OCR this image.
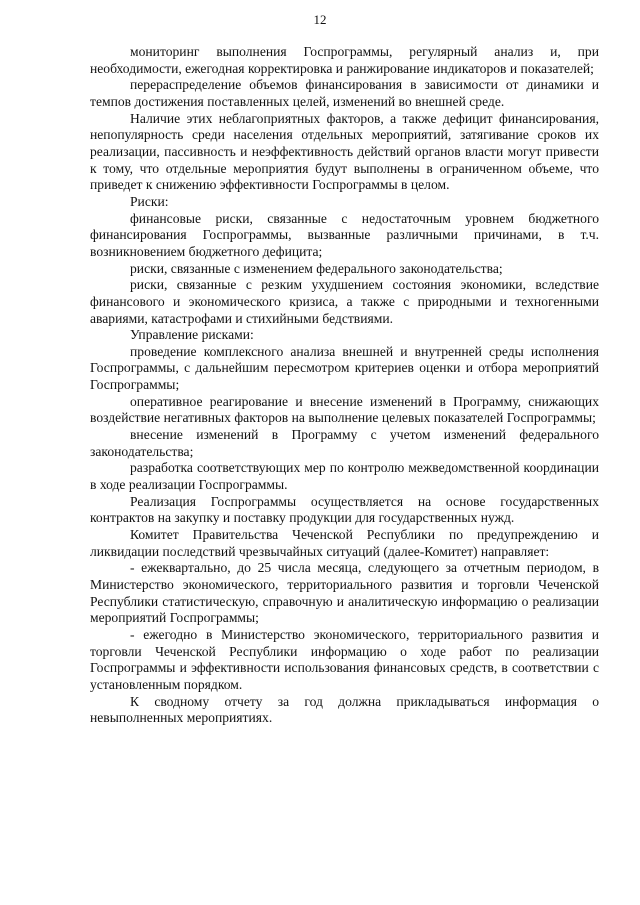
12

мониторинг выполнения Госпрограммы, регулярный анализ и, при необходимости, ежегодная корректировка и ранжирование индикаторов и показателей;

перераспределение объемов финансирования в зависимости от динамики и темпов достижения поставленных целей, изменений во внешней среде.

Наличие этих неблагоприятных факторов, а также дефицит финансирования, непопулярность среди населения отдельных мероприятий, затягивание сроков их реализации, пассивность и неэффективность действий органов власти могут привести к тому, что отдельные мероприятия будут выполнены в ограниченном объеме, что приведет к снижению эффективности Госпрограммы в целом.

Риски:

финансовые риски, связанные с недостаточным уровнем бюджетного финансирования Госпрограммы, вызванные различными причинами, в т.ч. возникновением бюджетного дефицита;

риски, связанные с изменением федерального законодательства;

риски, связанные с резким ухудшением состояния экономики, вследствие финансового и экономического кризиса, а также с природными и техногенными авариями, катастрофами и стихийными бедствиями.

Управление рисками:

проведение комплексного анализа внешней и внутренней среды исполнения Госпрограммы, с дальнейшим пересмотром критериев оценки и отбора мероприятий Госпрограммы;

оперативное реагирование и внесение изменений в Программу, снижающих воздействие негативных факторов на выполнение целевых показателей Госпрограммы;

внесение изменений в Программу с учетом изменений федерального законодательства;

разработка соответствующих мер по контролю межведомственной координации в ходе реализации Госпрограммы.

Реализация Госпрограммы осуществляется на основе государственных контрактов на закупку и поставку продукции для государственных нужд.

Комитет Правительства Чеченской Республики по предупреждению и ликвидации последствий чрезвычайных ситуаций (далее-Комитет) направляет:

- ежеквартально, до 25 числа месяца, следующего за отчетным периодом, в Министерство экономического, территориального развития и торговли Чеченской Республики статистическую, справочную и аналитическую информацию о реализации мероприятий Госпрограммы;

- ежегодно в Министерство экономического, территориального развития и торговли Чеченской Республики информацию о ходе работ по реализации Госпрограммы и эффективности использования финансовых средств, в соответствии с установленным порядком.

К сводному отчету за год должна прикладываться информация о невыполненных мероприятиях.
